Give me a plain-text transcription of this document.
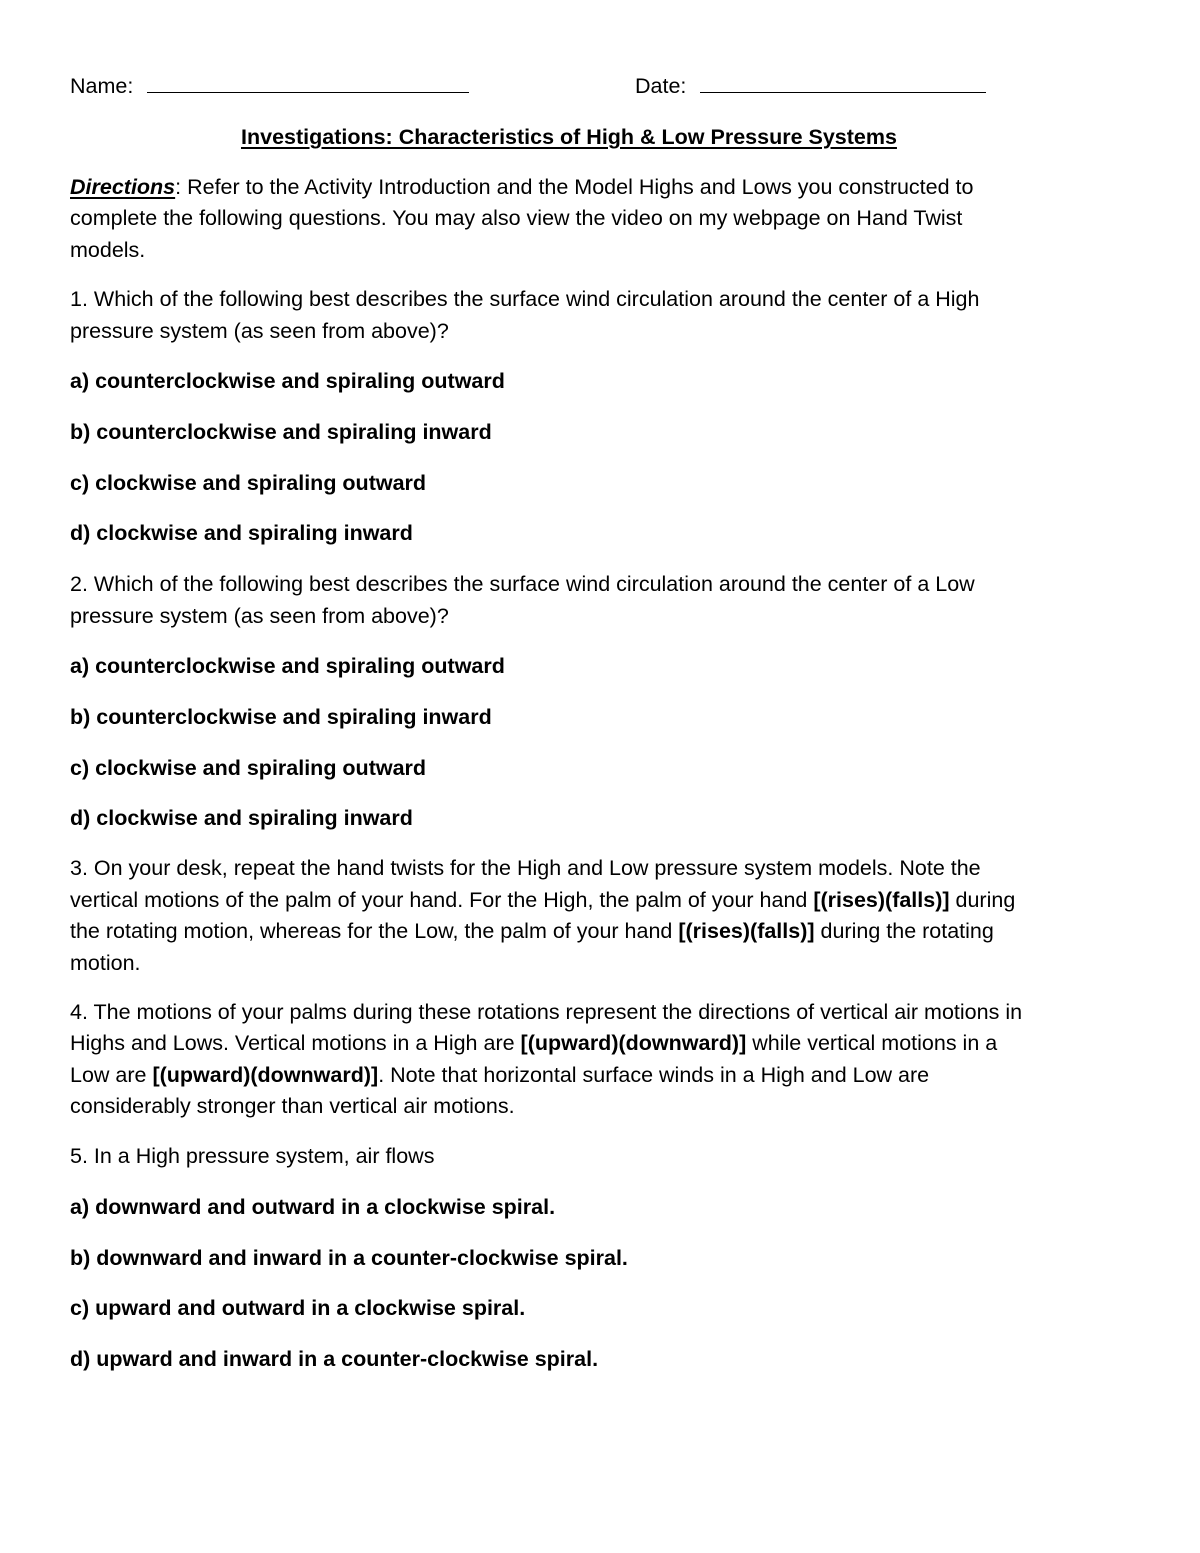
Name:	Date:
Investigations: Characteristics of High & Low Pressure Systems
Directions: Refer to the Activity Introduction and the Model Highs and Lows you constructed to
complete the following questions. You may also view the video on my webpage on Hand Twist
models.
1. Which of the following best describes the surface wind circulation around the center of a High
pressure system (as seen from above)?
a) counterclockwise and spiraling outward
b) counterclockwise and spiraling inward
c) clockwise and spiraling outward
d) clockwise and spiraling inward
2. Which of the following best describes the surface wind circulation around the center of a Low
pressure system (as seen from above)?
a) counterclockwise and spiraling outward
b) counterclockwise and spiraling inward
c) clockwise and spiraling outward
d) clockwise and spiraling inward
3. On your desk, repeat the hand twists for the High and Low pressure system models. Note the
vertical motions of the palm of your hand. For the High, the palm of your hand [(rises)(falls)] during
the rotating motion, whereas for the Low, the palm of your hand [(rises)(falls)] during the rotating
motion.
4. The motions of your palms during these rotations represent the directions of vertical air motions in
Highs and Lows. Vertical motions in a High are [(upward)(downward)] while vertical motions in a
Low are [(upward)(downward)]. Note that horizontal surface winds in a High and Low are
considerably stronger than vertical air motions.
5. In a High pressure system, air flows
a) downward and outward in a clockwise spiral.
b) downward and inward in a counter-clockwise spiral.
c) upward and outward in a clockwise spiral.
d) upward and inward in a counter-clockwise spiral.
